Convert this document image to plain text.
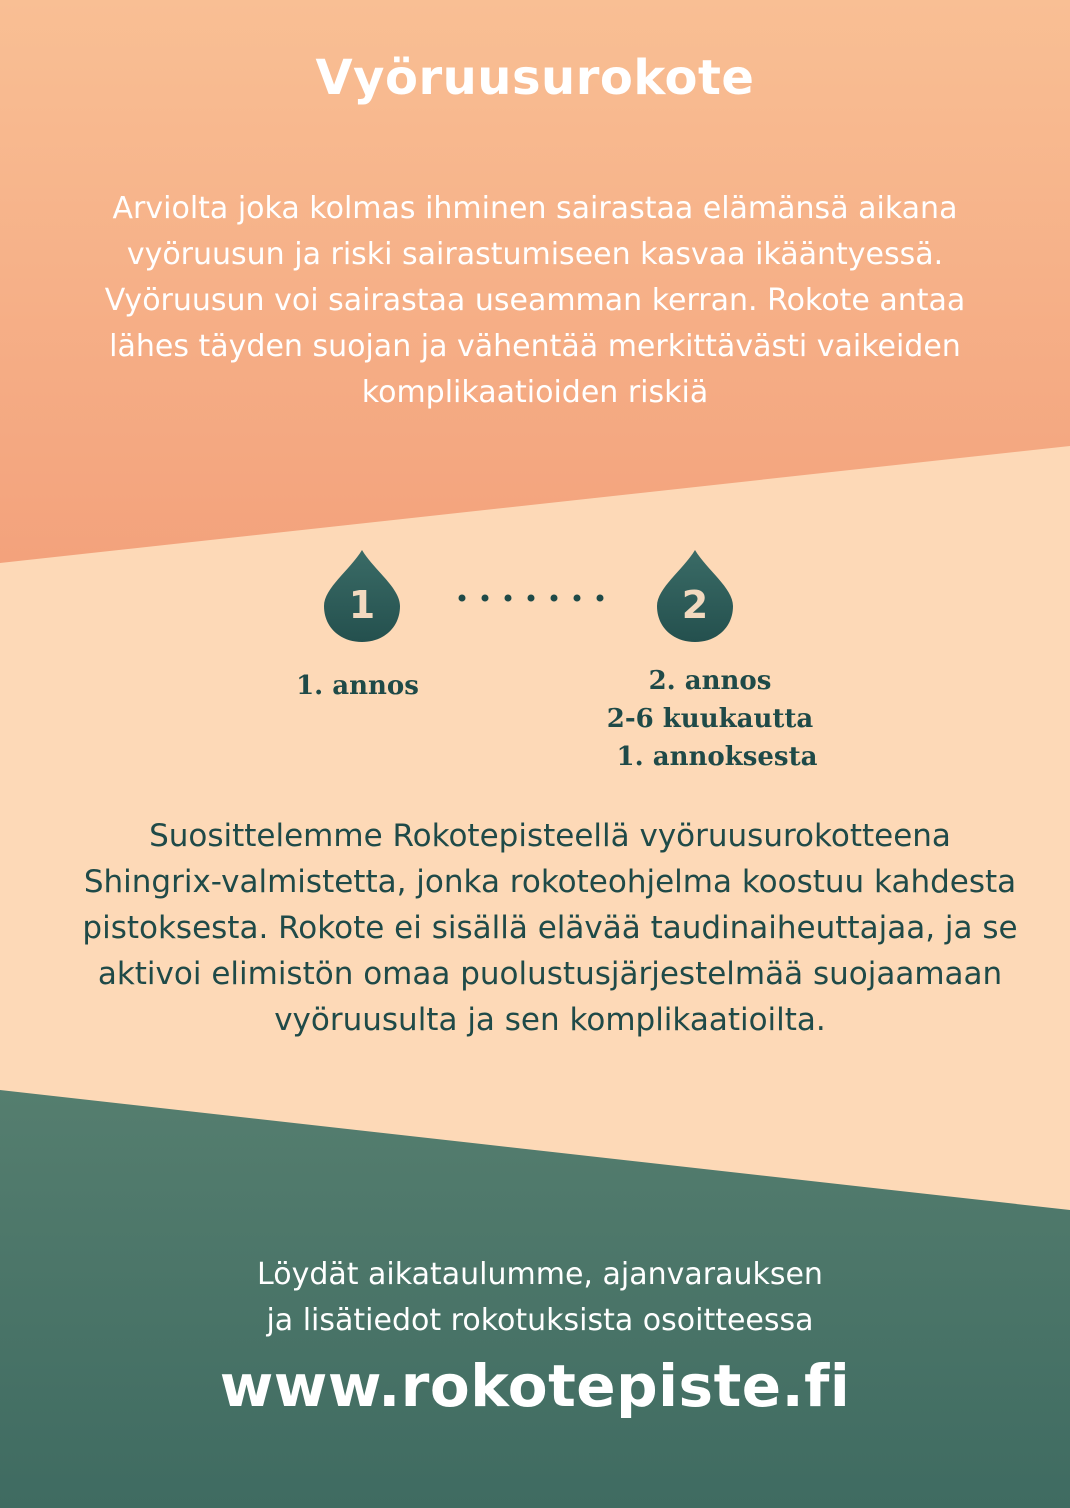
Vyöruusurokote

Arviolta joka kolmas ihminen sairastaa elämänsä aikana vyöruusun ja riski sairastumiseen kasvaa ikääntyessä. Vyöruusun voi sairastaa useamman kerran. Rokote antaa lähes täyden suojan ja vähentää merkittävästi vaikeiden komplikaatioiden riskiä

1	2
1. annos	2. annos
2-6 kuukautta
1. annoksesta

Suosittelemme Rokotepisteellä vyöruusurokotteena Shingrix-valmistetta, jonka rokoteohjelma koostuu kahdesta pistoksesta. Rokote ei sisällä elävää taudinaiheuttajaa, ja se aktivoi elimistön omaa puolustusjärjestelmää suojaamaan vyöruusulta ja sen komplikaatioilta.

Löydät aikataulumme, ajanvarauksen
ja lisätiedot rokotuksista osoitteessa

www.rokotepiste.fi
